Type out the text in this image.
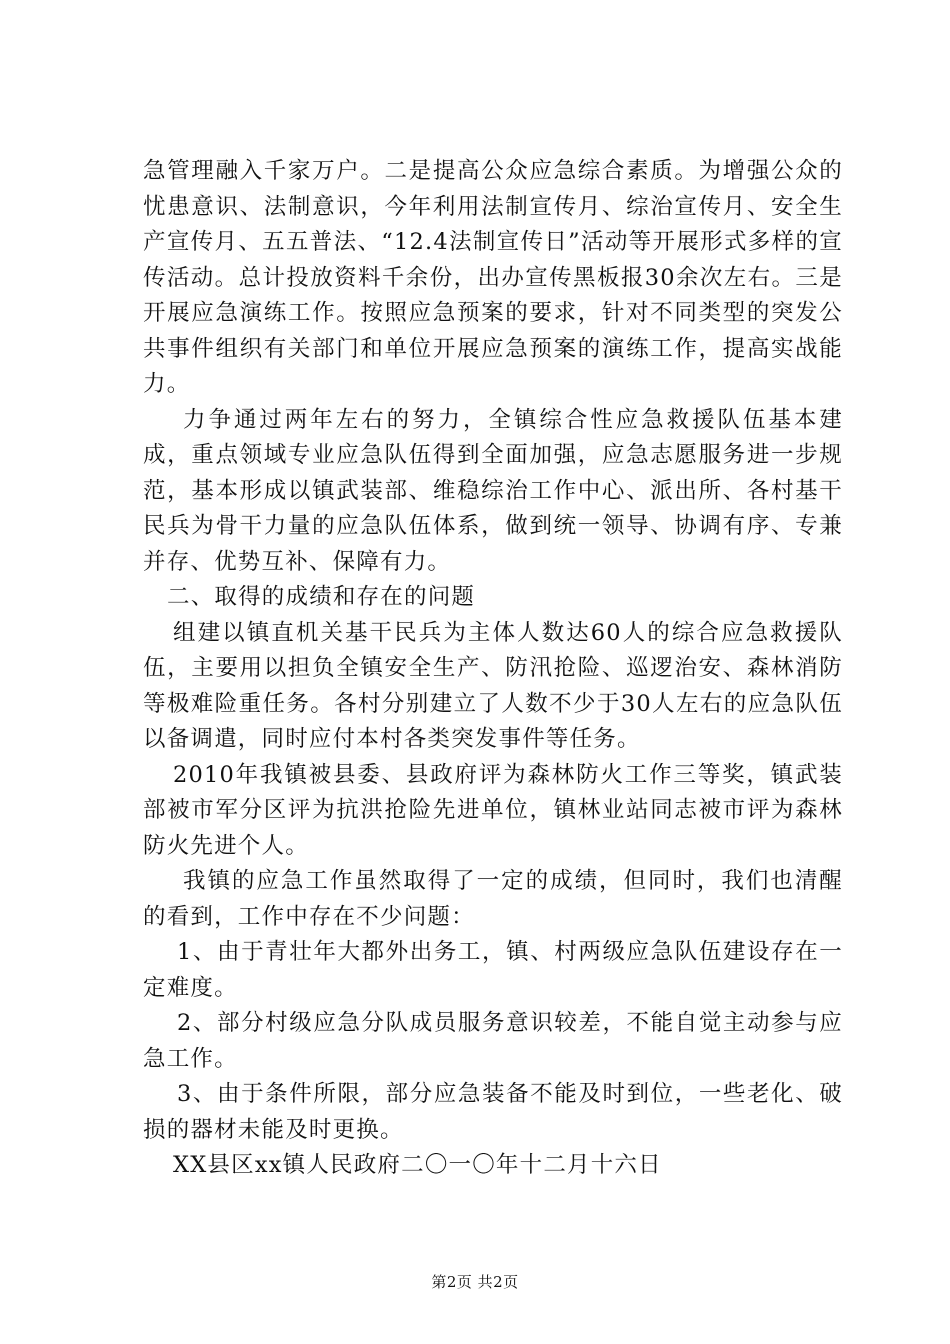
急管理融入千家万户。二是提高公众应急综合素质。为增强公众的忧患意识、法制意识，今年利用法制宣传月、综治宣传月、安全生产宣传月、五五普法、“12.4法制宣传日”活动等开展形式多样的宣传活动。总计投放资料千余份，出办宣传黑板报30余次左右。三是开展应急演练工作。按照应急预案的要求，针对不同类型的突发公共事件组织有关部门和单位开展应急预案的演练工作，提高实战能力。

力争通过两年左右的努力，全镇综合性应急救援队伍基本建成，重点领域专业应急队伍得到全面加强，应急志愿服务进一步规范，基本形成以镇武装部、维稳综治工作中心、派出所、各村基干民兵为骨干力量的应急队伍体系，做到统一领导、协调有序、专兼并存、优势互补、保障有力。

二、取得的成绩和存在的问题

组建以镇直机关基干民兵为主体人数达60人的综合应急救援队伍，主要用以担负全镇安全生产、防汛抢险、巡逻治安、森林消防等极难险重任务。各村分别建立了人数不少于30人左右的应急队伍以备调遣，同时应付本村各类突发事件等任务。

2010年我镇被县委、县政府评为森林防火工作三等奖，镇武装部被市军分区评为抗洪抢险先进单位，镇林业站同志被市评为森林防火先进个人。

我镇的应急工作虽然取得了一定的成绩，但同时，我们也清醒的看到，工作中存在不少问题：

1、由于青壮年大都外出务工，镇、村两级应急队伍建设存在一定难度。

2、部分村级应急分队成员服务意识较差，不能自觉主动参与应急工作。

3、由于条件所限，部分应急装备不能及时到位，一些老化、破损的器材未能及时更换。

XX县区xx镇人民政府二〇一〇年十二月十六日

第2页 共2页
